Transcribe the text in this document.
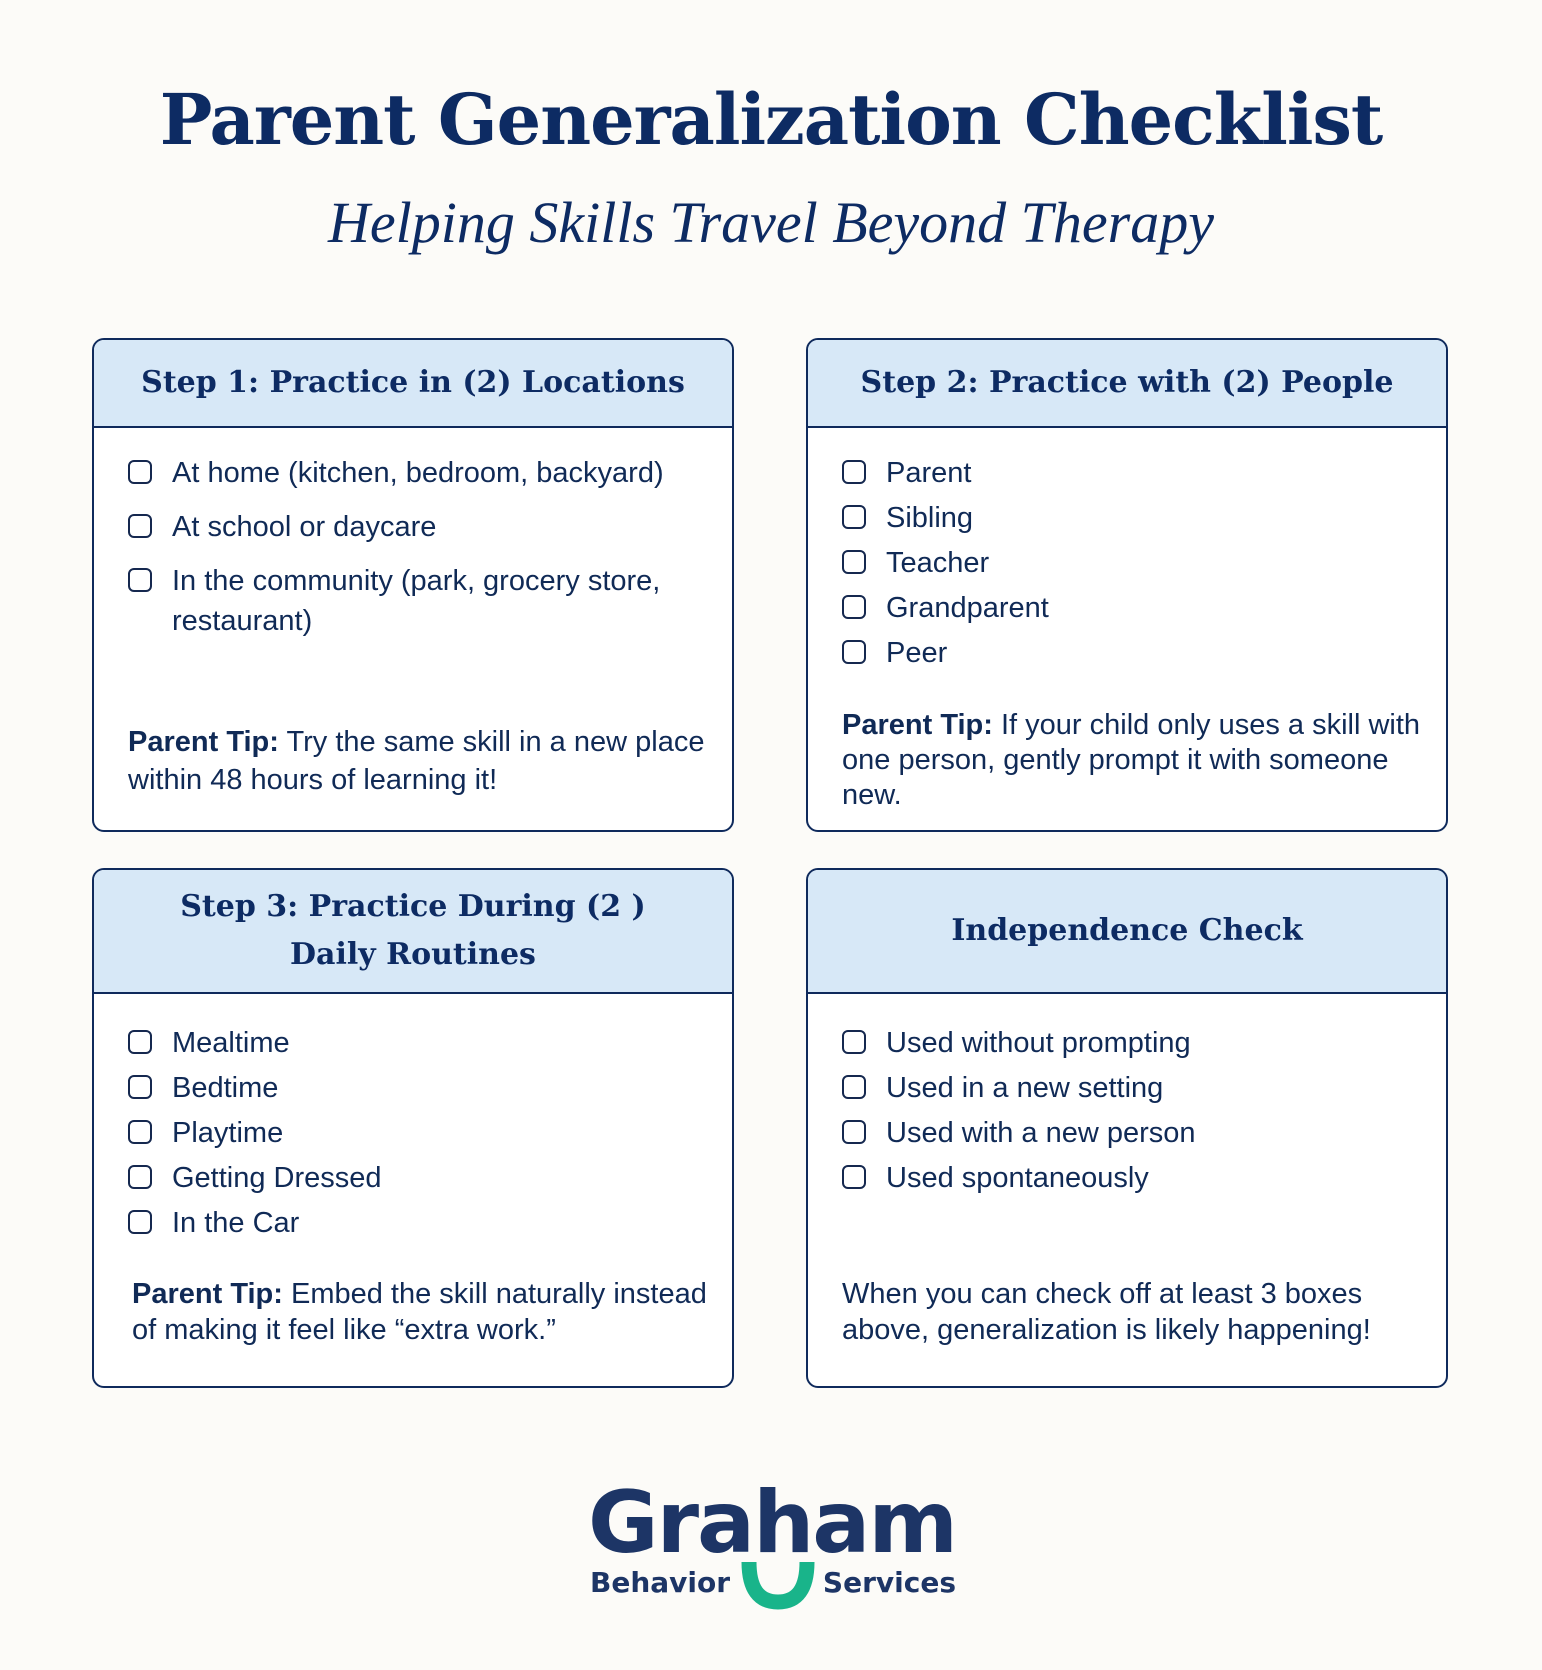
Parent Generalization Checklist
Helping Skills Travel Beyond Therapy
Step 1: Practice in (2) Locations
At home (kitchen, bedroom, backyard)
At school or daycare
In the community (park, grocery store, restaurant)
Parent Tip: Try the same skill in a new place within 48 hours of learning it!
Step 2: Practice with (2) People
Parent
Sibling
Teacher
Grandparent
Peer
Parent Tip: If your child only uses a skill with one person, gently prompt it with someone new.
Step 3: Practice During (2 )
Daily Routines
Mealtime
Bedtime
Playtime
Getting Dressed
In the Car
Parent Tip: Embed the skill naturally instead of making it feel like “extra work.”
Independence Check
Used without prompting
Used in a new setting
Used with a new person
Used spontaneously
When you can check off at least 3 boxes above, generalization is likely happening!
Graham
Behavior	Services
